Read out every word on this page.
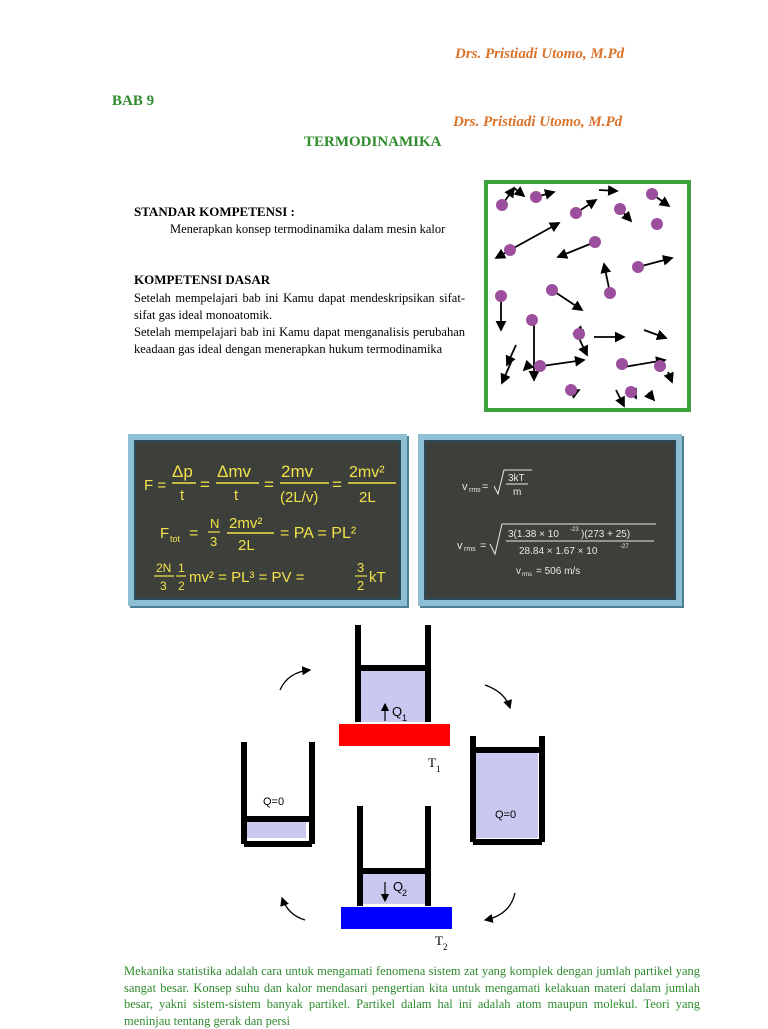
Drs. Pristiadi Utomo, M.Pd
BAB 9
Drs. Pristiadi Utomo, M.Pd
TERMODINAMIKA
STANDAR KOMPETENSI :
Menerapkan konsep termodinamika dalam mesin kalor
KOMPETENSI DASAR
Setelah mempelajari bab ini Kamu dapat mendeskripsikan sifat-sifat gas ideal monoatomik.
Setelah mempelajari bab ini Kamu dapat menganalisis perubahan keadaan gas ideal dengan menerapkan hukum termodinamika
F =
Δp
t
=
Δmv
t
=
2mv
(2L/v)
=
2mv²
2L
F tot =
N
3
2mv²
2L
= PA = PL²
2N
3
1
2 mv² = PL³ = PV =
3
2 kT
v rms =
3kT
m
v rms =
3(1.38 × 10 -23 )(273 + 25)
28.84 × 1.67 × 10	-27
v rms = 506 m/s
Q 1
T 1
Q=0
Q=0
Q
2
T 2
Mekanika statistika adalah cara untuk mengamati fenomena sistem zat yang komplek dengan jumlah partikel yang sangat besar. Konsep suhu dan kalor mendasari pengertian kita untuk mengamati kelakuan materi dalam jumlah besar, yakni sistem-sistem banyak partikel. Partikel dalam hal ini adalah atom maupun molekul. Teori yang meninjau tentang gerak dan persi
